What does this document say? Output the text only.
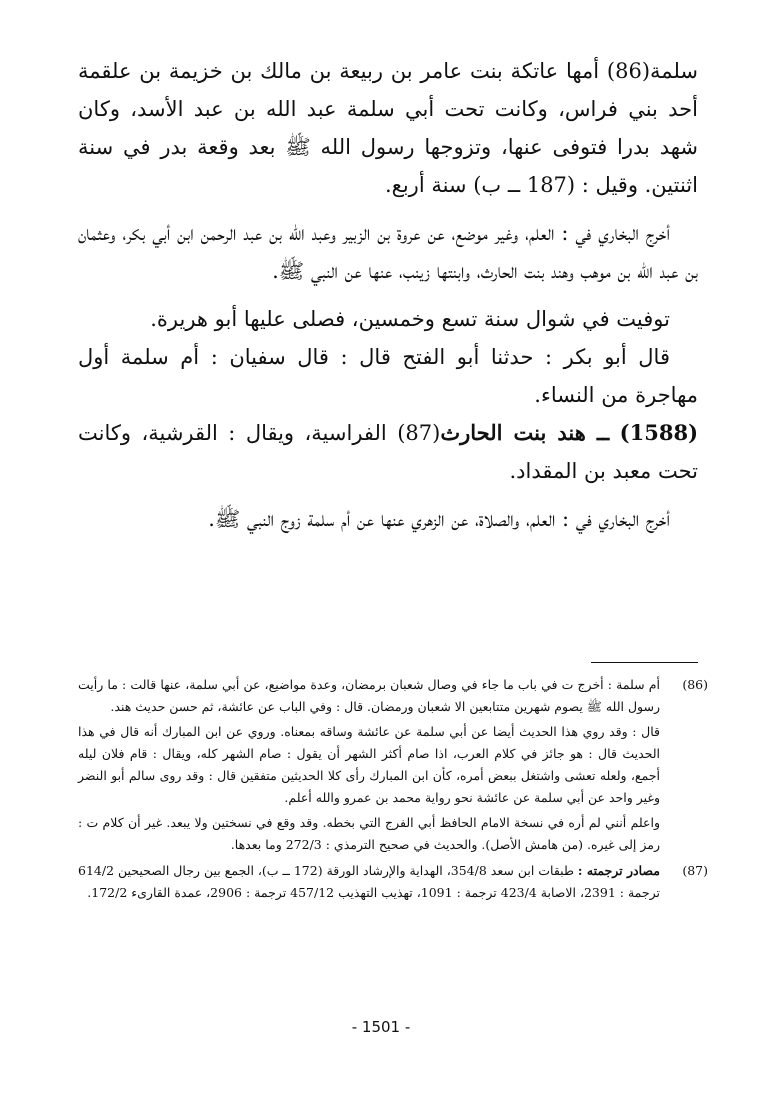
سلمة(86) أمها عاتكة بنت عامر بن ربيعة بن مالك بن خزيمة بن علقمة أحد بني فراس، وكانت تحت أبي سلمة عبد الله بن عبد الأسد، وكان شهد بدرا فتوفى عنها، وتزوجها رسول الله ﷺ بعد وقعة بدر في سنة اثنتين. وقيل : (187 ــ ب) سنة أربع.

أخرج البخاري في : العلم، وغير موضع، عن عروة بن الزبير وعبد الله بن عبد الرحمن ابن أبي بكر، وعثمان بن عبد الله بن موهب وهند بنت الحارث، وابنتها زينب، عنها عن النبي ﷺ.

توفيت في شوال سنة تسع وخمسين، فصلى عليها أبو هريرة.

قال أبو بكر : حدثنا أبو الفتح قال : قال سفيان : أم سلمة أول مهاجرة من النساء.

(1588) ــ هند بنت الحارث(87) الفراسية، ويقال : القرشية، وكانت تحت معبد بن المقداد.

أخرج البخاري في : العلم، والصلاة، عن الزهري عنها عن أم سلمة زوج النبي ﷺ.

(86)

أم سلمة : أخرج ت في باب ما جاء في وصال شعبان برمضان، وعدة مواضيع، عن أبي سلمة، عنها قالت : ما رأيت رسول الله ﷺ يصوم شهرين متتابعين الا شعبان ورمضان. قال : وفي الباب عن عائشة، ثم حسن حديث هند.

قال : وقد روي هذا الحديث أيضا عن أبي سلمة عن عائشة وساقه بمعناه. وروي عن ابن المبارك أنه قال في هذا الحديث قال : هو جائز في كلام العرب، اذا صام أكثر الشهر أن يقول : صام الشهر كله، ويقال : قام فلان ليله أجمع، ولعله تعشى واشتغل ببعض أمره، كأن ابن المبارك رأى كلا الحديثين متفقين قال : وقد روى سالم أبو النضر وغير واحد عن أبي سلمة عن عائشة نحو رواية محمد بن عمرو والله أعلم.

واعلم أنني لم أره في نسخة الامام الحافظ أبي الفرج التي بخطه. وقد وقع في نسختين ولا يبعد. غير أن كلام ت : رمز إلى غيره. (من هامش الأصل). والحديث في صحيح الترمذي : 272/3 وما بعدها.

(87)

مصادر ترجمته : طبقات ابن سعد 354/8، الهداية والإرشاد الورقة (172 ــ ب)، الجمع بين رجال الصحيحين 614/2 ترجمة : 2391، الاصابة 423/4 ترجمة : 1091، تهذيب التهذيب 457/12 ترجمة : 2906، عمدة القارىء 172/2.

- 1501 -
